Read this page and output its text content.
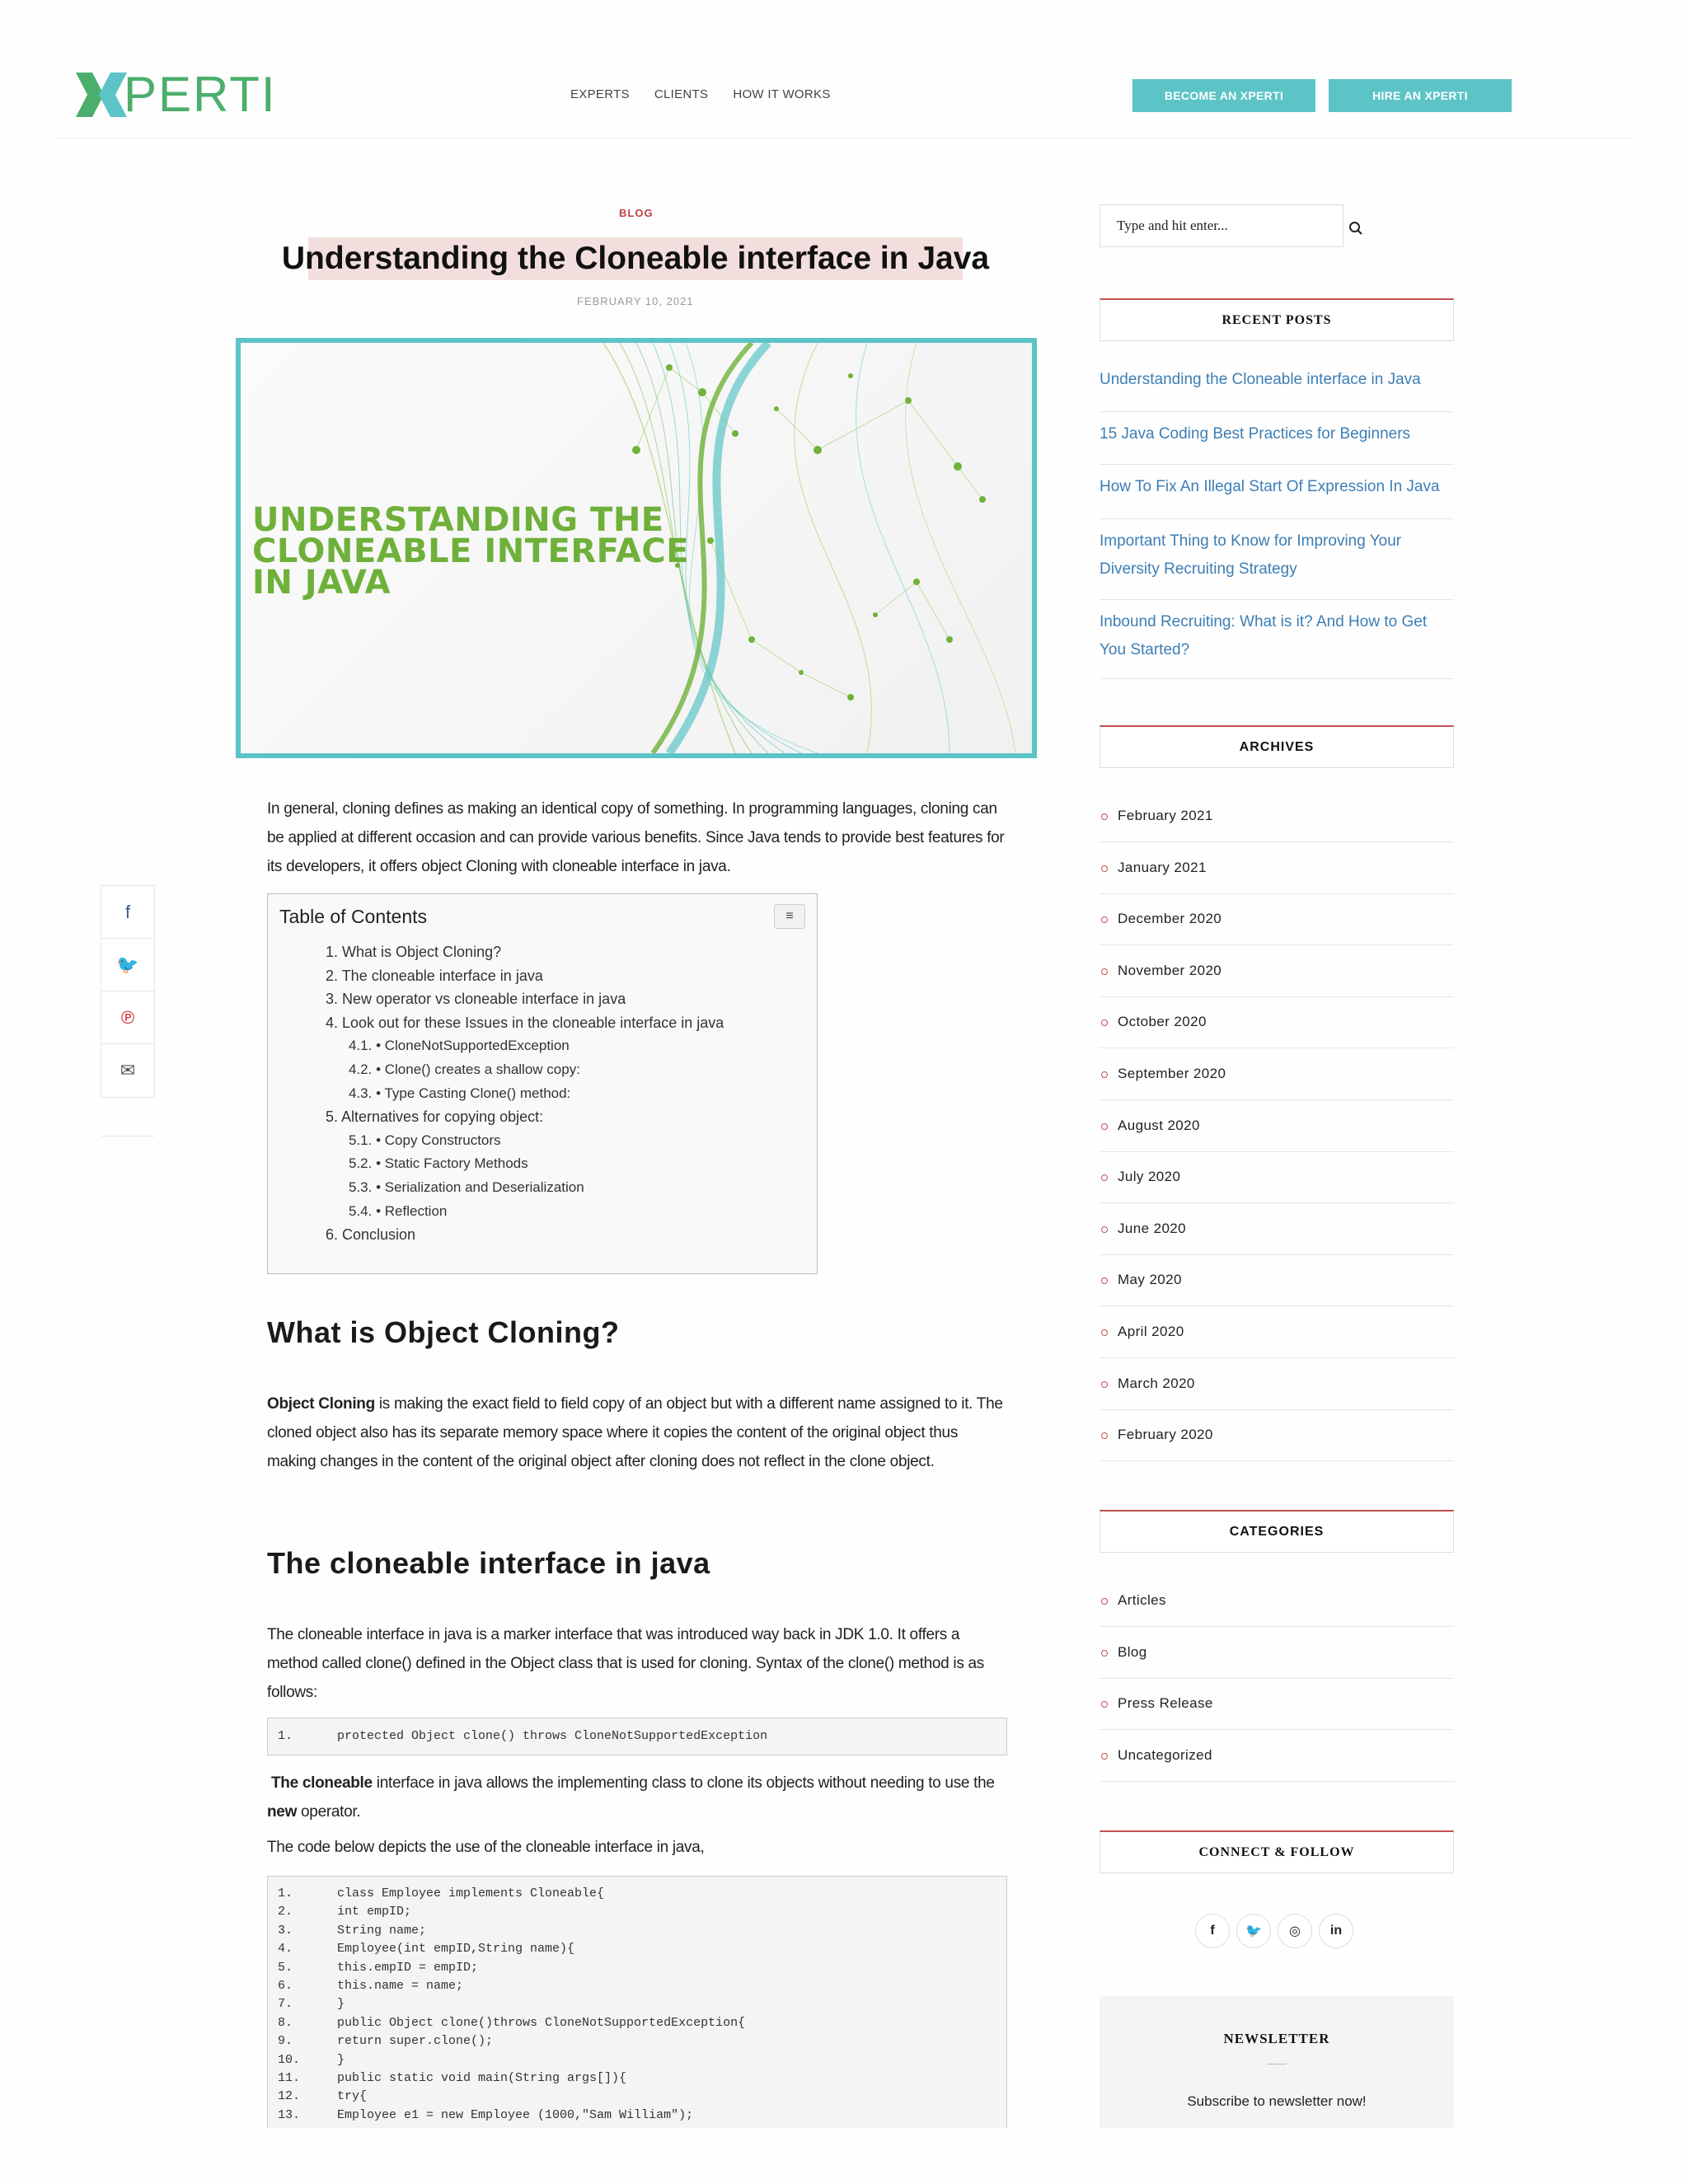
PERTI	EXPERTS CLIENTS HOW IT WORKS	BECOME AN XPERTI	HIRE AN XPERTI
BLOG
Understanding the Cloneable interface in Java
FEBRUARY 10, 2021
UNDERSTANDING THE
CLONEABLE INTERFACE
IN JAVA

In general, cloning defines as making an identical copy of something. In programming languages, cloning can be applied at different occasion and can provide various benefits. Since Java tends to provide best features for its developers, it offers object Cloning with cloneable interface in java.

Table of Contents	≡
1. What is Object Cloning?
2. The cloneable interface in java
3. New operator vs cloneable interface in java
4. Look out for these Issues in the cloneable interface in java
4.1. • CloneNotSupportedException
4.2. • Clone() creates a shallow copy:
4.3. • Type Casting Clone() method:
5. Alternatives for copying object:
5.1. • Copy Constructors
5.2. • Static Factory Methods
5.3. • Serialization and Deserialization
5.4. • Reflection
6. Conclusion
What is Object Cloning?

Object Cloning is making the exact field to field copy of an object but with a different name assigned to it. The cloned object also has its separate memory space where it copies the content of the original object thus making changes in the content of the original object after cloning does not reflect in the clone object.

The cloneable interface in java

The cloneable interface in java is a marker interface that was introduced way back in JDK 1.0. It offers a method called clone() defined in the Object class that is used for cloning. Syntax of the clone() method is as follows:

1.	protected Object clone() throws CloneNotSupportedException

The cloneable interface in java allows the implementing class to clone its objects without needing to use the new operator.

The code below depicts the use of the cloneable interface in java,

1.	class Employee implements Cloneable{
2.	int empID;
3.	String name;
4.	Employee(int empID,String name){
5.	this.empID = empID;
6.	this.name = name;
7.	}
8.	public Object clone()throws CloneNotSupportedException{
9.	return super.clone();
10.	}
11.	public static void main(String args[]){
12.	try{
13.	Employee e1 = new Employee (1000,"Sam William");
f
🐦
℗
✉
Type and hit enter...
RECENT POSTS
Understanding the Cloneable interface in Java
15 Java Coding Best Practices for Beginners
How To Fix An Illegal Start Of Expression In Java
Important Thing to Know for Improving Your Diversity Recruiting Strategy
Inbound Recruiting: What is it? And How to Get You Started?
ARCHIVES
February 2021
January 2021
December 2020
November 2020
October 2020
September 2020
August 2020
July 2020
June 2020
May 2020
April 2020
March 2020
February 2020
CATEGORIES
Articles
Blog
Press Release
Uncategorized
CONNECT & FOLLOW
f	🐦	◎	in
NEWSLETTER
Subscribe to newsletter now!
